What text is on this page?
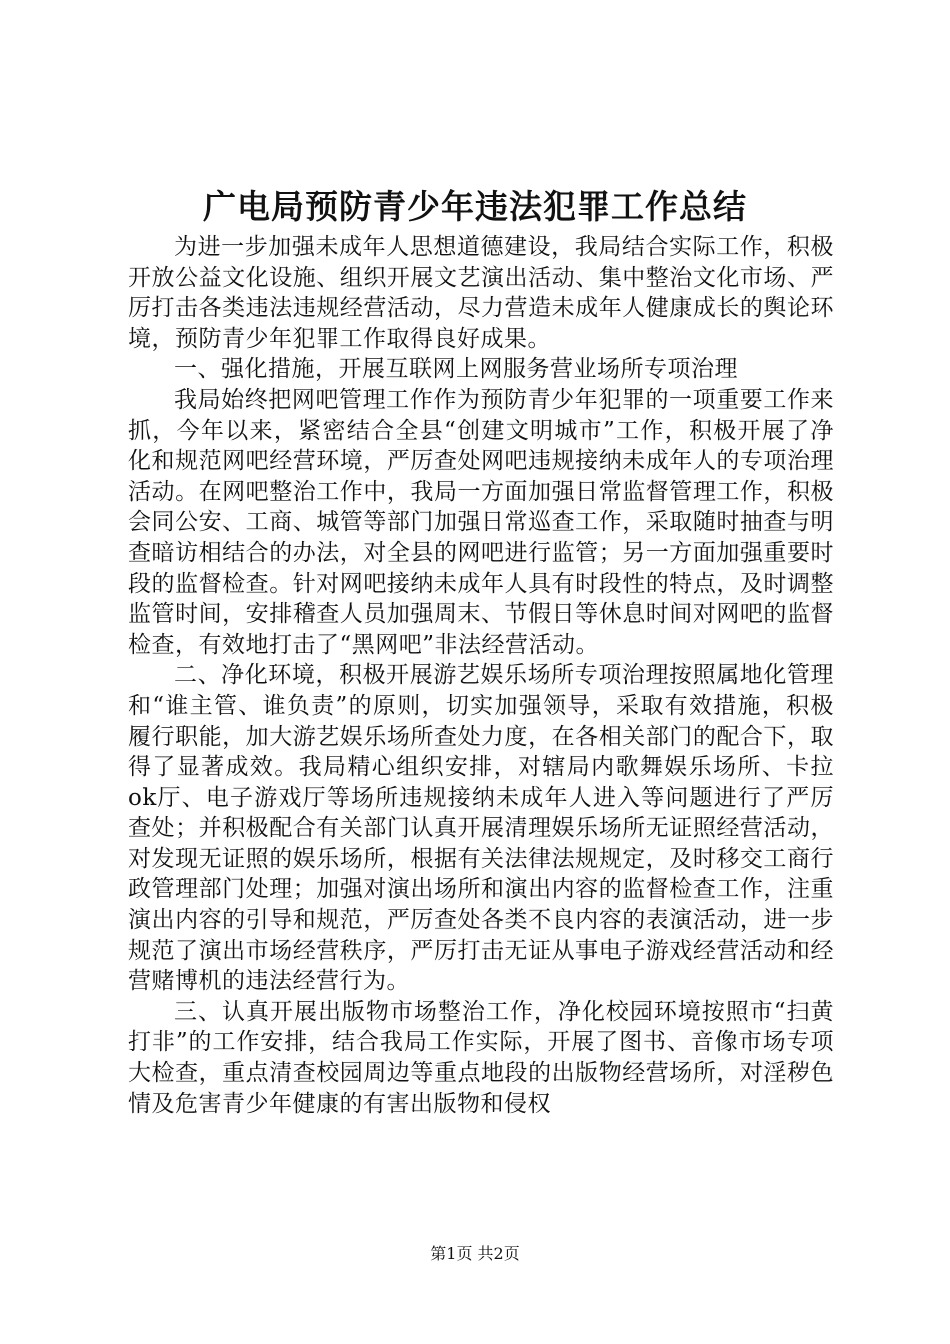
广电局预防青少年违法犯罪工作总结

为进一步加强未成年人思想道德建设，我局结合实际工作，积极开放公益文化设施、组织开展文艺演出活动、集中整治文化市场、严厉打击各类违法违规经营活动，尽力营造未成年人健康成长的舆论环境，预防青少年犯罪工作取得良好成果。

一、强化措施，开展互联网上网服务营业场所专项治理

我局始终把网吧管理工作作为预防青少年犯罪的一项重要工作来抓，今年以来，紧密结合全县“创建文明城市”工作，积极开展了净化和规范网吧经营环境，严厉查处网吧违规接纳未成年人的专项治理活动。在网吧整治工作中，我局一方面加强日常监督管理工作，积极会同公安、工商、城管等部门加强日常巡查工作，采取随时抽查与明查暗访相结合的办法，对全县的网吧进行监管；另一方面加强重要时段的监督检查。针对网吧接纳未成年人具有时段性的特点，及时调整监管时间，安排稽查人员加强周末、节假日等休息时间对网吧的监督检查，有效地打击了“黑网吧”非法经营活动。

二、净化环境，积极开展游艺娱乐场所专项治理按照属地化管理和“谁主管、谁负责”的原则，切实加强领导，采取有效措施，积极履行职能，加大游艺娱乐场所查处力度，在各相关部门的配合下，取得了显著成效。我局精心组织安排，对辖局内歌舞娱乐场所、卡拉ok厅、电子游戏厅等场所违规接纳未成年人进入等问题进行了严厉查处；并积极配合有关部门认真开展清理娱乐场所无证照经营活动，对发现无证照的娱乐场所，根据有关法律法规规定，及时移交工商行政管理部门处理；加强对演出场所和演出内容的监督检查工作，注重演出内容的引导和规范，严厉查处各类不良内容的表演活动，进一步规范了演出市场经营秩序，严厉打击无证从事电子游戏经营活动和经营赌博机的违法经营行为。

三、认真开展出版物市场整治工作，净化校园环境按照市“扫黄打非”的工作安排，结合我局工作实际，开展了图书、音像市场专项大检查，重点清查校园周边等重点地段的出版物经营场所，对淫秽色情及危害青少年健康的有害出版物和侵权

第1页 共2页
